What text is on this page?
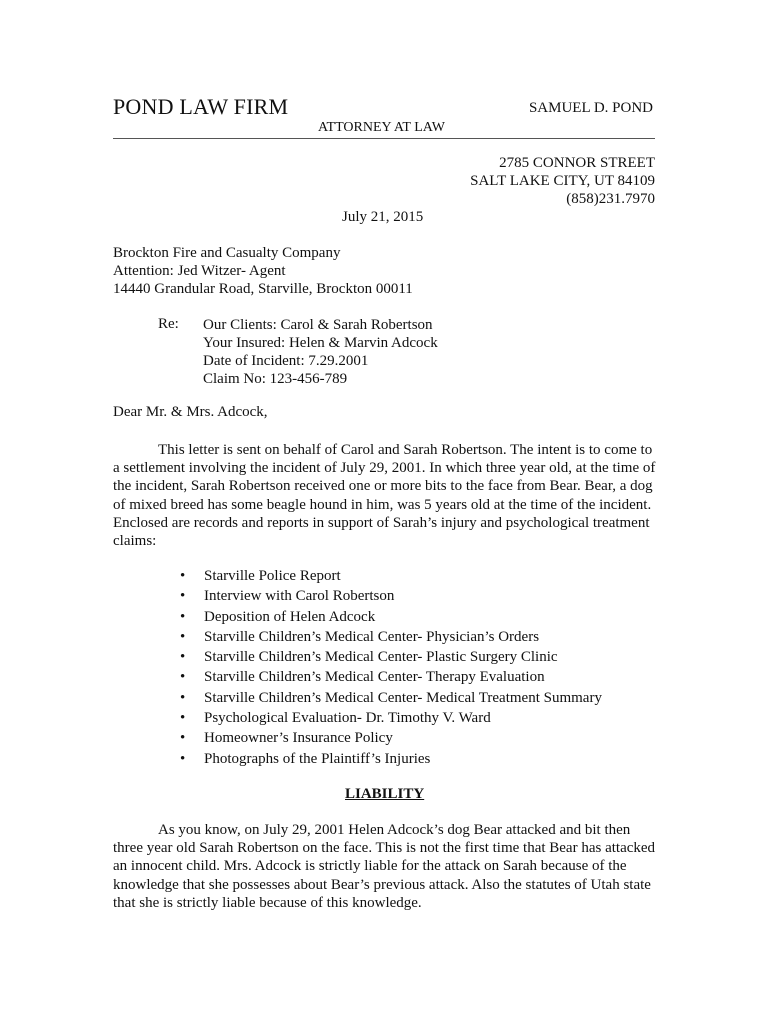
POND LAW FIRM	SAMUEL D. POND
ATTORNEY AT LAW
2785 CONNOR STREET
SALT LAKE CITY, UT 84109
(858)231.7970
July 21, 2015
Brockton Fire and Casualty Company
Attention: Jed Witzer- Agent
14440 Grandular Road, Starville, Brockton 00011
Re: Our Clients: Carol & Sarah Robertson
Your Insured: Helen & Marvin Adcock
Date of Incident: 7.29.2001
Claim No: 123-456-789
Dear Mr. & Mrs. Adcock,

This letter is sent on behalf of Carol and Sarah Robertson. The intent is to come to a settlement involving the incident of July 29, 2001. In which three year old, at the time of the incident, Sarah Robertson received one or more bits to the face from Bear. Bear, a dog of mixed breed has some beagle hound in him, was 5 years old at the time of the incident. Enclosed are records and reports in support of Sarah’s injury and psychological treatment claims:

• Starville Police Report
• Interview with Carol Robertson
• Deposition of Helen Adcock
• Starville Children’s Medical Center- Physician’s Orders
• Starville Children’s Medical Center- Plastic Surgery Clinic
• Starville Children’s Medical Center- Therapy Evaluation
• Starville Children’s Medical Center- Medical Treatment Summary
• Psychological Evaluation- Dr. Timothy V. Ward
• Homeowner’s Insurance Policy
• Photographs of the Plaintiff’s Injuries
LIABILITY

As you know, on July 29, 2001 Helen Adcock’s dog Bear attacked and bit then three year old Sarah Robertson on the face. This is not the first time that Bear has attacked an innocent child. Mrs. Adcock is strictly liable for the attack on Sarah because of the knowledge that she possesses about Bear’s previous attack. Also the statutes of Utah state that she is strictly liable because of this knowledge.
